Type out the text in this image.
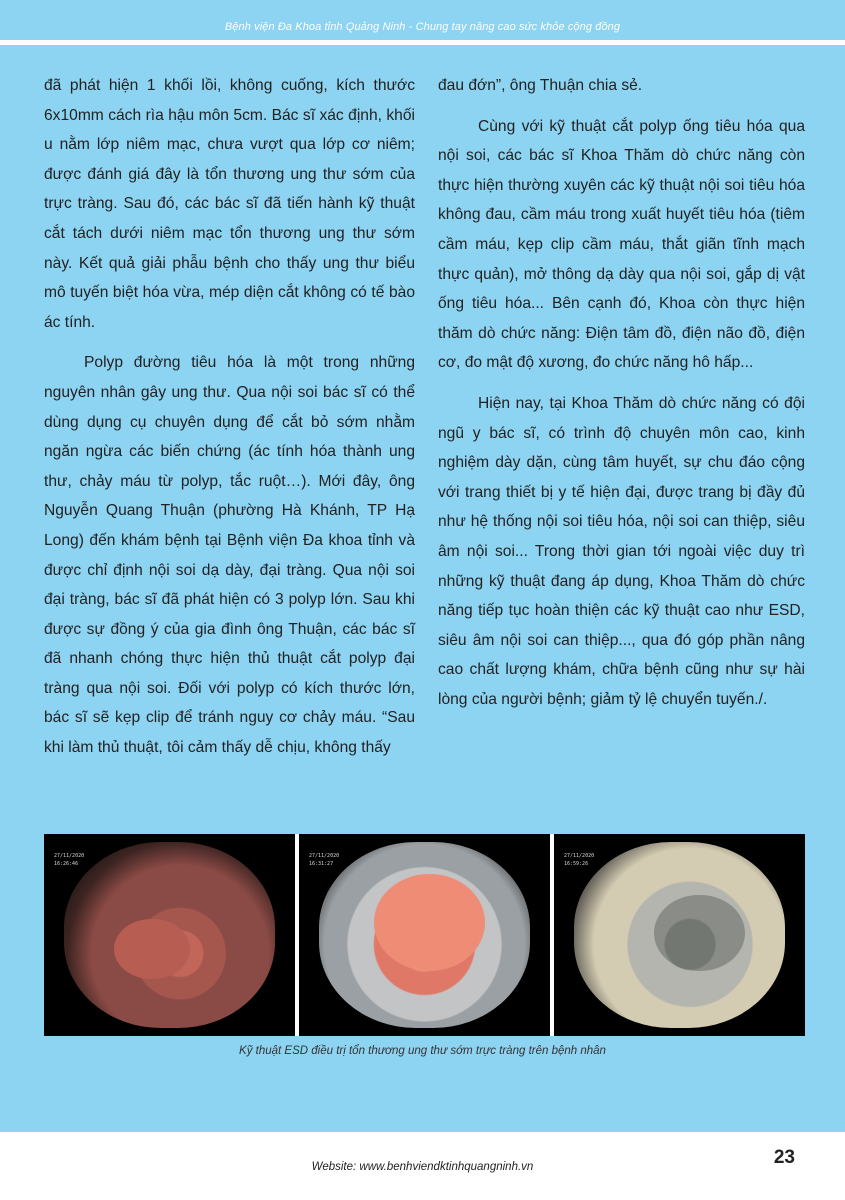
Bệnh viện Đa Khoa tỉnh Quảng Ninh - Chung tay nâng cao sức khỏe cộng đồng

đã phát hiện 1 khối lồi, không cuống, kích thước 6x10mm cách rìa hậu môn 5cm. Bác sĩ xác định, khối u nằm lớp niêm mạc, chưa vượt qua lớp cơ niêm; được đánh giá đây là tổn thương ung thư sớm của trực tràng. Sau đó, các bác sĩ đã tiến hành kỹ thuật cắt tách dưới niêm mạc tổn thương ung thư sớm này. Kết quả giải phẫu bệnh cho thấy ung thư biểu mô tuyến biệt hóa vừa, mép diện cắt không có tế bào ác tính.

Polyp đường tiêu hóa là một trong những nguyên nhân gây ung thư. Qua nội soi bác sĩ có thể dùng dụng cụ chuyên dụng để cắt bỏ sớm nhằm ngăn ngừa các biến chứng (ác tính hóa thành ung thư, chảy máu từ polyp, tắc ruột…). Mới đây, ông Nguyễn Quang Thuận (phường Hà Khánh, TP Hạ Long) đến khám bệnh tại Bệnh viện Đa khoa tỉnh và được chỉ định nội soi dạ dày, đại tràng. Qua nội soi đại tràng, bác sĩ đã phát hiện có 3 polyp lớn. Sau khi được sự đồng ý của gia đình ông Thuận, các bác sĩ đã nhanh chóng thực hiện thủ thuật cắt polyp đại tràng qua nội soi. Đối với polyp có kích thước lớn, bác sĩ sẽ kẹp clip để tránh nguy cơ chảy máu. “Sau khi làm thủ thuật, tôi cảm thấy dễ chịu, không thấy

đau đớn”, ông Thuận chia sẻ.

Cùng với kỹ thuật cắt polyp ống tiêu hóa qua nội soi, các bác sĩ Khoa Thăm dò chức năng còn thực hiện thường xuyên các kỹ thuật nội soi tiêu hóa không đau, cầm máu trong xuất huyết tiêu hóa (tiêm cầm máu, kẹp clip cầm máu, thắt giãn tĩnh mạch thực quản), mở thông dạ dày qua nội soi, gắp dị vật ống tiêu hóa... Bên cạnh đó, Khoa còn thực hiện thăm dò chức năng: Điện tâm đồ, điện não đồ, điện cơ, đo mật độ xương, đo chức năng hô hấp...

Hiện nay, tại Khoa Thăm dò chức năng có đội ngũ y bác sĩ, có trình độ chuyên môn cao, kinh nghiệm dày dặn, cùng tâm huyết, sự chu đáo cộng với trang thiết bị y tế hiện đại, được trang bị đầy đủ như hệ thống nội soi tiêu hóa, nội soi can thiệp, siêu âm nội soi... Trong thời gian tới ngoài việc duy trì những kỹ thuật đang áp dụng, Khoa Thăm dò chức năng tiếp tục hoàn thiện các kỹ thuật cao như ESD, siêu âm nội soi can thiệp..., qua đó góp phần nâng cao chất lượng khám, chữa bệnh cũng như sự hài lòng của người bệnh; giảm tỷ lệ chuyển tuyến./.

27/11/2020
16:26:46
27/11/2020
16:31:27
27/11/2020
16:59:26
Kỹ thuật ESD điều trị tổn thương ung thư sớm trực tràng trên bệnh nhân
23
Website: www.benhviendktinhquangninh.vn
